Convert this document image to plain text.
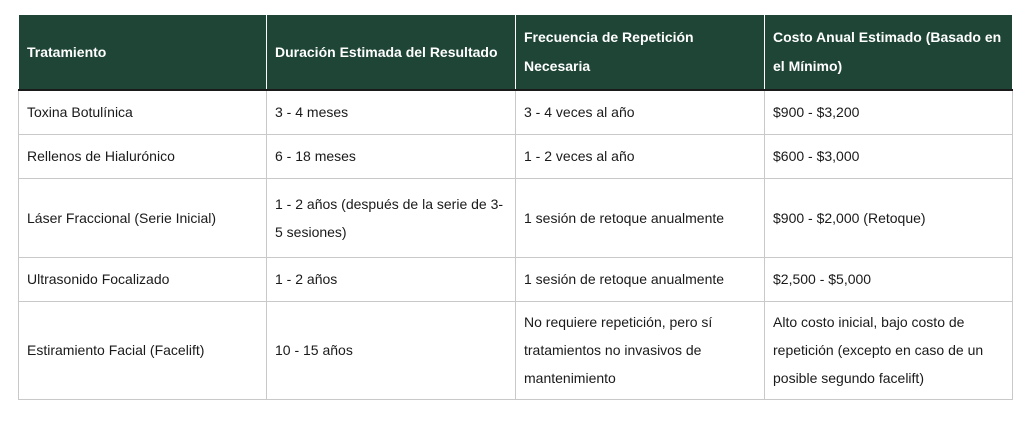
Tratamiento	Duración Estimada del Resultado	Frecuencia de Repetición Necesaria	Costo Anual Estimado (Basado en el Mínimo)
Toxina Botulínica	3 - 4 meses	3 - 4 veces al año	$900 - $3,200
Rellenos de Hialurónico	6 - 18 meses	1 - 2 veces al año	$600 - $3,000
Láser Fraccional (Serie Inicial)	1 - 2 años (después de la serie de 3-5 sesiones)	1 sesión de retoque anualmente	$900 - $2,000 (Retoque)
Ultrasonido Focalizado	1 - 2 años	1 sesión de retoque anualmente	$2,500 - $5,000
Estiramiento Facial (Facelift)	10 - 15 años	No requiere repetición, pero sí tratamientos no invasivos de mantenimiento	Alto costo inicial, bajo costo de repetición (excepto en caso de un posible segundo facelift)
